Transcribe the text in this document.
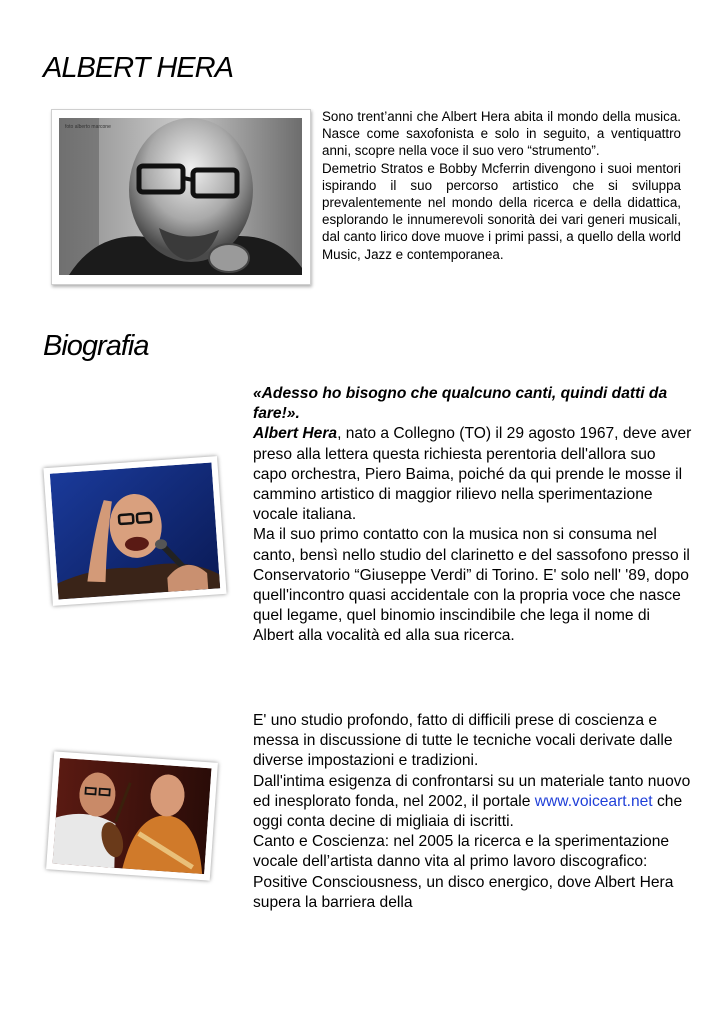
ALBERT HERA
foto alberto marcone

Sono trent’anni che Albert Hera abita il mondo della musica. Nasce come saxofonista e solo in seguito, a ventiquattro anni, scopre nella voce il suo vero “strumento”.

Demetrio Stratos e Bobby Mcferrin divengono i suoi mentori ispirando il suo percorso artistico che si sviluppa prevalentemente nel mondo della ricerca e della didattica, esplorando le innumerevoli sonorità dei vari generi musicali, dal canto lirico dove muove i primi passi, a quello della world Music, Jazz e contemporanea.

Biografia

«Adesso ho bisogno che qualcuno canti, quindi datti da fare!».
Albert Hera, nato a Collegno (TO) il 29 agosto 1967, deve aver preso alla lettera questa richiesta perentoria dell'allora suo capo orchestra, Piero Baima, poiché da qui prende le mosse il cammino artistico di maggior rilievo nella sperimentazione vocale italiana.

Ma il suo primo contatto con la musica non si consuma nel canto, bensì nello studio del clarinetto e del sassofono presso il Conservatorio “Giuseppe Verdi” di Torino. E' solo nell' '89, dopo quell'incontro quasi accidentale con la propria voce che nasce quel legame, quel binomio inscindibile che lega il nome di Albert alla vocalità ed alla sua ricerca.

E' uno studio profondo, fatto di difficili prese di coscienza e messa in discussione di tutte le tecniche vocali derivate dalle diverse impostazioni e tradizioni.

Dall'intima esigenza di confrontarsi su un materiale tanto nuovo ed inesplorato fonda, nel 2002, il portale www.voiceart.net che oggi conta decine di migliaia di iscritti.

Canto e Coscienza: nel 2005 la ricerca e la sperimentazione vocale dell’artista danno vita al primo lavoro discografico: Positive Consciousness, un disco energico, dove Albert Hera supera la barriera della
